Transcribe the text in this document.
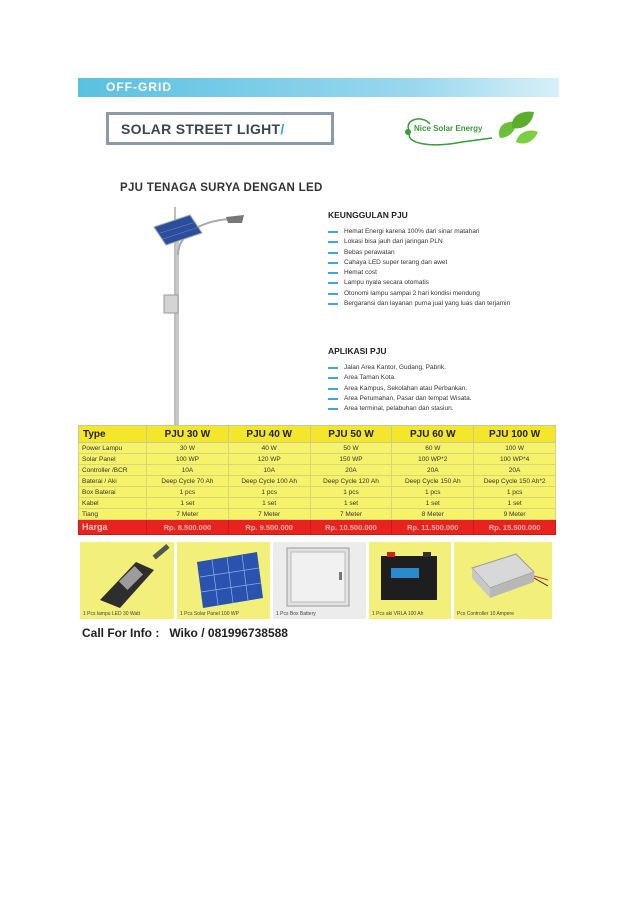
OFF-GRID
SOLAR STREET LIGHT/	Nice Solar Energy
PJU TENAGA SURYA DENGAN LED
KEUNGGULAN PJU
Hemat Energi karena 100% dari sinar matahari
Lokasi bisa jauh dari jaringan PLN
Bebas perawatan
Cahaya LED super terang dan awet
Hemat cost
Lampu nyala secara otomatis
Otonomi lampu sampai 2 hari kondisi mendung
Bergaransi dan layanan purna jual yang luas dan terjamin
APLIKASI PJU
Jalan Area Kantor, Gudang, Pabrik.
Area Taman Kota.
Area Kampus, Sekolahan atau Perbankan.
Area Perumahan, Pasar dan tempat Wisata.
Area terminal, pelabuhan dan stasiun.
Type	PJU 30 W	PJU 40 W	PJU 50 W	PJU 60 W	PJU 100 W
Power Lampu	30 W	40 W	50 W	60 W	100 W
Solar Panel	100 WP	120 WP	150 WP	100 WP*2	100 WP*4
Controller /BCR	10A	10A	20A	20A	20A
Baterai / Aki	Deep Cycle 70 Ah	Deep Cycle 100 Ah	Deep Cycle 120 Ah	Deep Cycle 150 Ah	Deep Cycle 150 Ah*2
Box Baterai	1 pcs	1 pcs	1 pcs	1 pcs	1 pcs
Kabel	1 set	1 set	1 set	1 set	1 set
Tiang	7 Meter	7 Meter	7 Meter	8 Meter	9 Meter
Harga	Rp. 8.500.000	Rp. 9.500.000	Rp. 10.500.000	Rp. 11.500.000	Rp. 15.500.000
1 Pcs lampu LED 30 Watt	1 Pcs Solar Panel 100 WP	1 Pcs Box Battery	1 Pcs aki VRLA 100 Ah	Pcs Controller 10 Ampere
Call For Info :   Wiko / 081996738588
